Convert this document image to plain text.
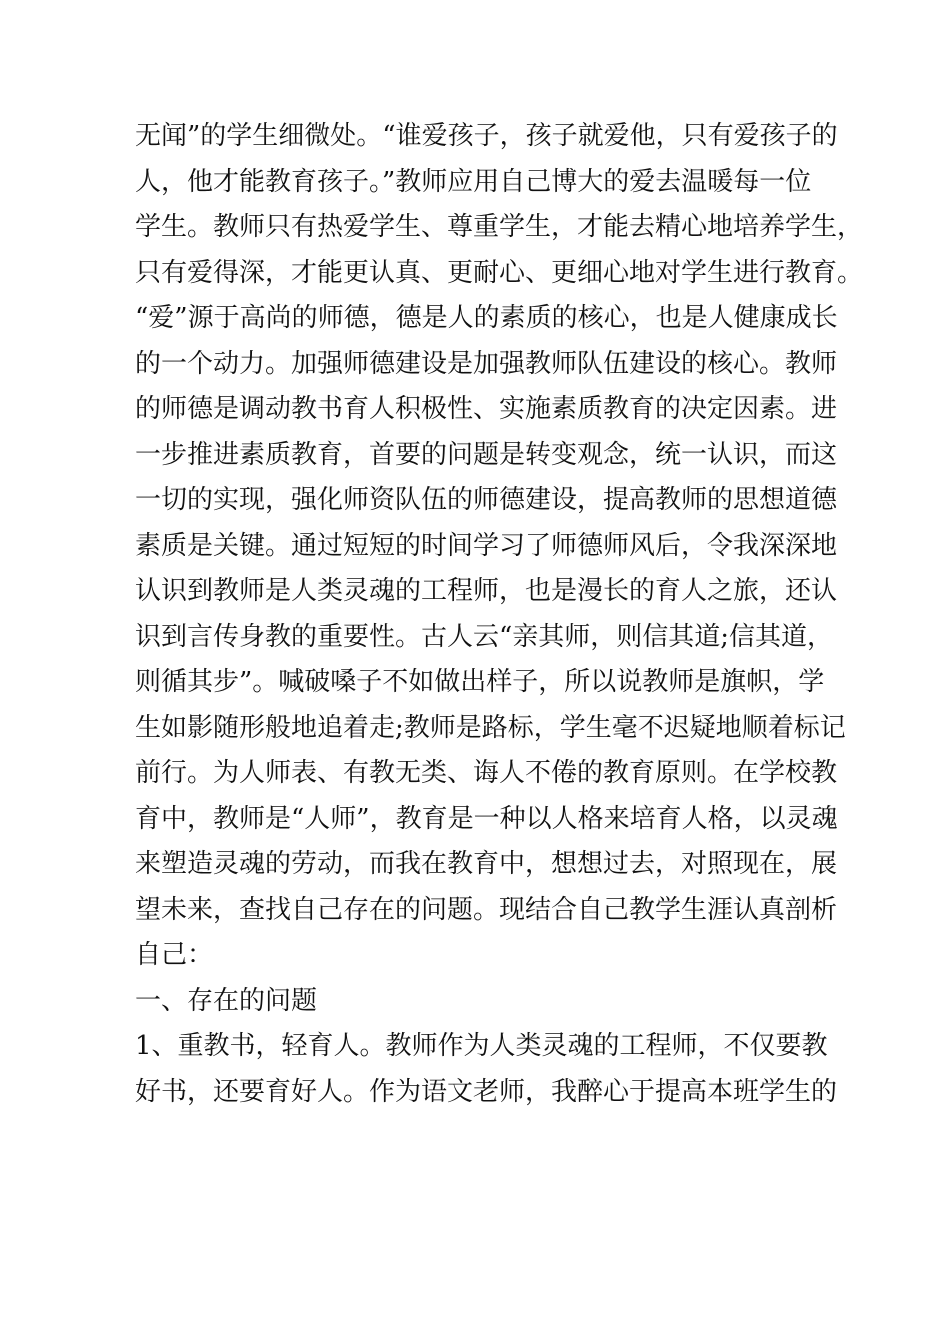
无闻”的学生细微处。“谁爱孩子，孩子就爱他，只有爱孩子的
人，他才能教育孩子。”教师应用自己博大的爱去温暖每一位
学生。教师只有热爱学生、尊重学生，才能去精心地培养学生，
只有爱得深，才能更认真、更耐心、更细心地对学生进行教育。
“爱”源于高尚的师德，德是人的素质的核心，也是人健康成长
的一个动力。加强师德建设是加强教师队伍建设的核心。教师
的师德是调动教书育人积极性、实施素质教育的决定因素。进
一步推进素质教育，首要的问题是转变观念，统一认识，而这
一切的实现，强化师资队伍的师德建设，提高教师的思想道德
素质是关键。通过短短的时间学习了师德师风后，令我深深地
认识到教师是人类灵魂的工程师，也是漫长的育人之旅，还认
识到言传身教的重要性。古人云“亲其师，则信其道;信其道，
则循其步”。喊破嗓子不如做出样子，所以说教师是旗帜，学
生如影随形般地追着走;教师是路标，学生毫不迟疑地顺着标记
前行。为人师表、有教无类、诲人不倦的教育原则。在学校教
育中，教师是“人师”，教育是一种以人格来培育人格，以灵魂
来塑造灵魂的劳动，而我在教育中，想想过去，对照现在，展
望未来，查找自己存在的问题。现结合自己教学生涯认真剖析
自己：
一、存在的问题
1、重教书，轻育人。教师作为人类灵魂的工程师，不仅要教
好书，还要育好人。作为语文老师，我醉心于提高本班学生的
